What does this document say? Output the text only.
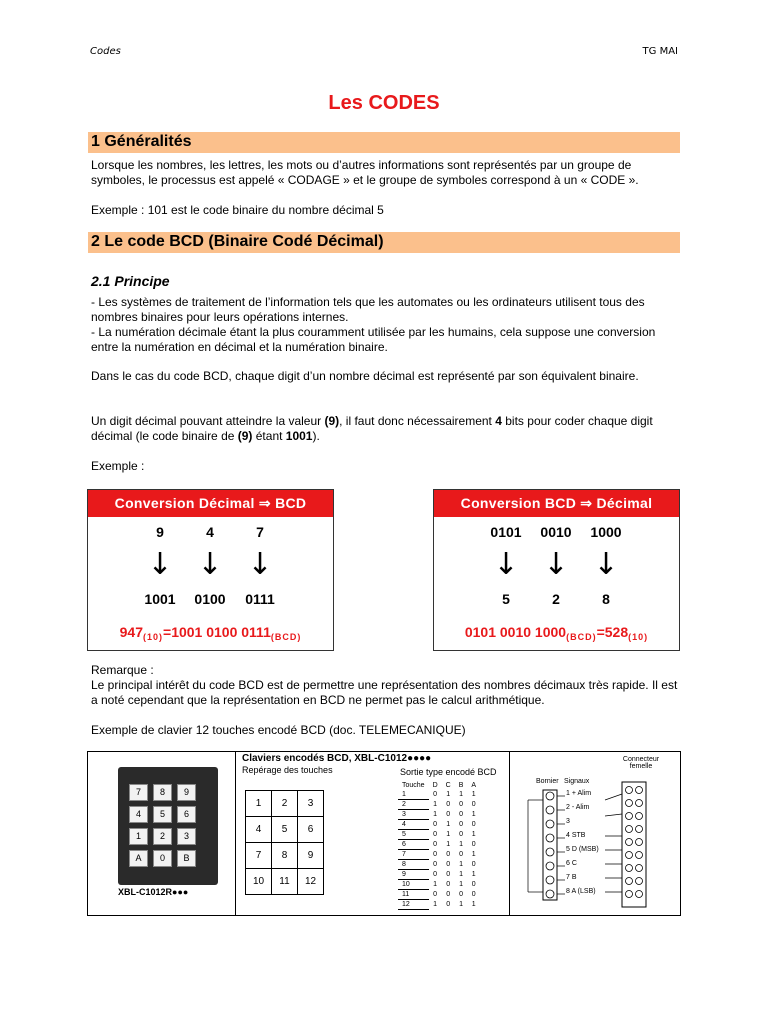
Codes	TG MAI
Les CODES
1 Généralités
Lorsque les nombres, les lettres, les mots ou d’autres informations sont représentés par un groupe de symboles, le processus est appelé « CODAGE » et le groupe de symboles correspond à un « CODE ».
Exemple : 101 est le code binaire du nombre décimal 5
2 Le code BCD (Binaire Codé Décimal)
2.1 Principe
- Les systèmes de traitement de l’information tels que les automates ou les ordinateurs utilisent tous des nombres binaires pour leurs opérations internes.
- La numération décimale étant la plus couramment utilisée par les humains, cela suppose une conversion entre la numération en décimal et la numération binaire.
Dans le cas du code BCD, chaque digit d’un nombre décimal est représenté par son équivalent binaire.
Un digit décimal pouvant atteindre la valeur (9), il faut donc nécessairement 4 bits pour coder chaque digit décimal (le code binaire de (9) étant 1001).
Exemple :
Conversion Décimal ⇒ BCD
9	4	7
↓ ↓ ↓
1001	0100	0111
$947_{(10)}=1001$ 0100 $0111_{(BCD)}$
Conversion BCD ⇒ Décimal
0101	0010	1000
↓ ↓ ↓
5	2	8
0101 0010 $1000_{(BCD)}=528_{(10)}$
Remarque :
Le principal intérêt du code BCD est de permettre une représentation des nombres décimaux très rapide. Il est a noté cependant que la représentation en BCD ne permet pas le calcul arithmétique.
Exemple de clavier 12 touches encodé BCD (doc. TELEMECANIQUE)
7	8	9
4	5	6
1	2	3
A	0	B
XBL-C1012R●●●
Claviers encodés BCD, XBL-C1012●●●●
Repérage des touches	Sortie type encodé BCD
1	2	3
4	5	6
7	8	9
10	11	12
Touche	D	C	B	A
1	0	1	1	1
2	1	0	0	0
3	1	0	0	1
4	0	1	0	0
5	0	1	0	1
6	0	1	1	0
7	0	0	0	1
8	0	0	1	0
9	0	0	1	1
10	1	0	1	0
11	0	0	0	0
12	1	0	1	1
Connecteur femelle
Bornier Signaux
1 + Alim
2 - Alim
3
4 STB
5 D (MSB)
6 C
7 B
8 A (LSB)
